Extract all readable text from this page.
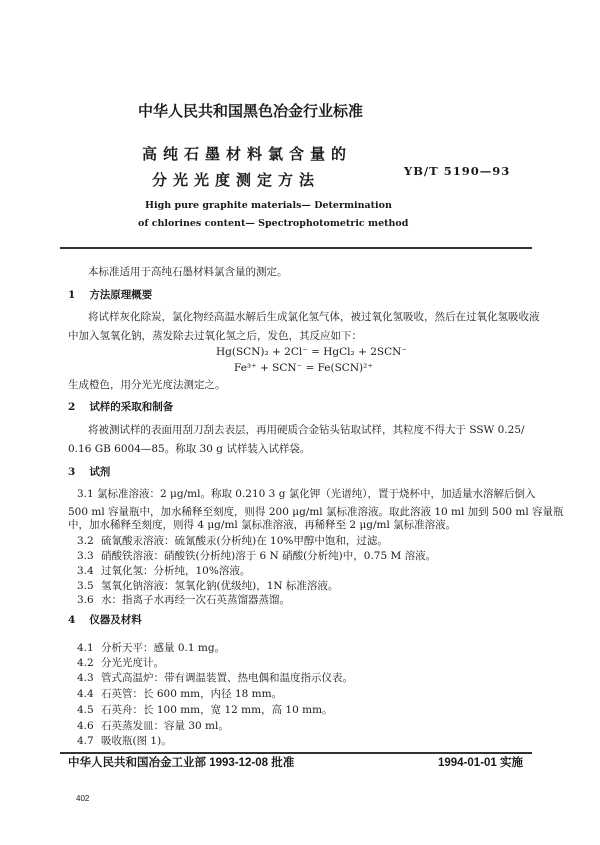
中华人民共和国黑色冶金行业标准
高纯石墨材料氯含量的
分光光度测定方法	YB/T 5190—93
High pure graphite materials— Determination
of chlorines content— Spectrophotometric method
本标准适用于高纯石墨材料氯含量的测定。
1 方法原理概要
将试样灰化除炭，氯化物经高温水解后生成氯化氢气体，被过氧化氢吸收，然后在过氧化氢吸收液
中加入氢氧化钠，蒸发除去过氧化氢之后，发色，其反应如下：
Hg(SCN)₂ + 2Cl⁻ = HgCl₂ + 2SCN⁻
Fe³⁺ + SCN⁻ = Fe(SCN)²⁺
生成橙色，用分光光度法测定之。
2 试样的采取和制备
将被测试样的表面用刮刀刮去表层，再用硬质合金钻头钻取试样，其粒度不得大于 SSW 0.25/
0.16 GB 6004—85。称取 30 g 试样装入试样袋。
3 试剂
3.1 氯标准溶液：2 μg/ml。称取 0.210 3 g 氯化钾（光谱纯），置于烧杯中，加适量水溶解后倒入
500 ml 容量瓶中，加水稀释至刻度，则得 200 μg/ml 氯标准溶液。取此溶液 10 ml 加到 500 ml 容量瓶
中，加水稀释至刻度，则得 4 μg/ml 氯标准溶液，再稀释至 2 μg/ml 氯标准溶液。
3.2 硫氰酸汞溶液：硫氰酸汞(分析纯)在 10%甲醇中饱和，过滤。
3.3 硝酸铁溶液：硝酸铁(分析纯)溶于 6 N 硝酸(分析纯)中，0.75 M 溶液。
3.4 过氧化氢：分析纯，10%溶液。
3.5 氢氧化钠溶液：氢氧化钠(优级纯)，1N 标准溶液。
3.6 水：指离子水再经一次石英蒸馏器蒸馏。
4 仪器及材料
4.1 分析天平：感量 0.1 mg。
4.2 分光光度计。
4.3 管式高温炉：带有调温装置、热电偶和温度指示仪表。
4.4 石英管：长 600 mm，内径 18 mm。
4.5 石英舟：长 100 mm，宽 12 mm，高 10 mm。
4.6 石英蒸发皿：容量 30 ml。
4.7 吸收瓶(图 1)。
中华人民共和国冶金工业部 1993-12-08 批准	1994-01-01 实施
402
